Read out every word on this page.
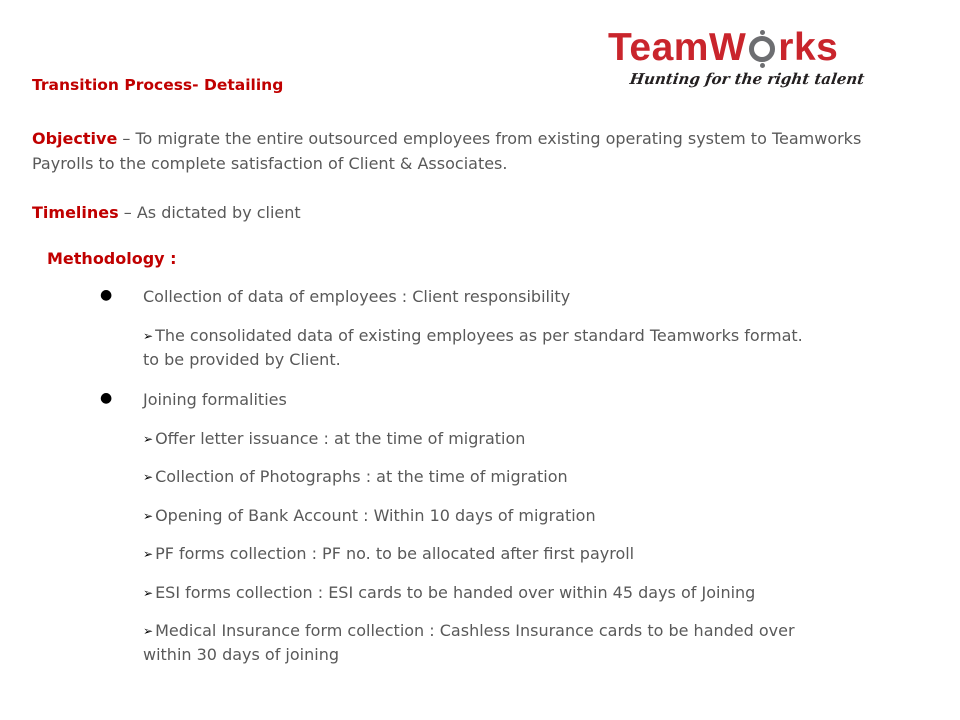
TeamW rks
Hunting for the right talent
Transition Process- Detailing
Objective – To migrate the entire outsourced employees from existing operating system to Teamworks Payrolls to the complete satisfaction of Client & Associates.
Timelines – As dictated by client
Methodology :
●	Collection of data of employees : Client responsibility
➢ The consolidated data of existing employees as per standard Teamworks format. to be provided by Client.
●	Joining formalities
➢ Offer letter issuance : at the time of migration
➢ Collection of Photographs : at the time of migration
➢ Opening of Bank Account : Within 10 days of migration
➢ PF forms collection : PF no. to be allocated after first payroll
➢ ESI forms collection : ESI cards to be handed over within 45 days of Joining
➢ Medical Insurance form collection : Cashless Insurance cards to be handed over within 30 days of joining
